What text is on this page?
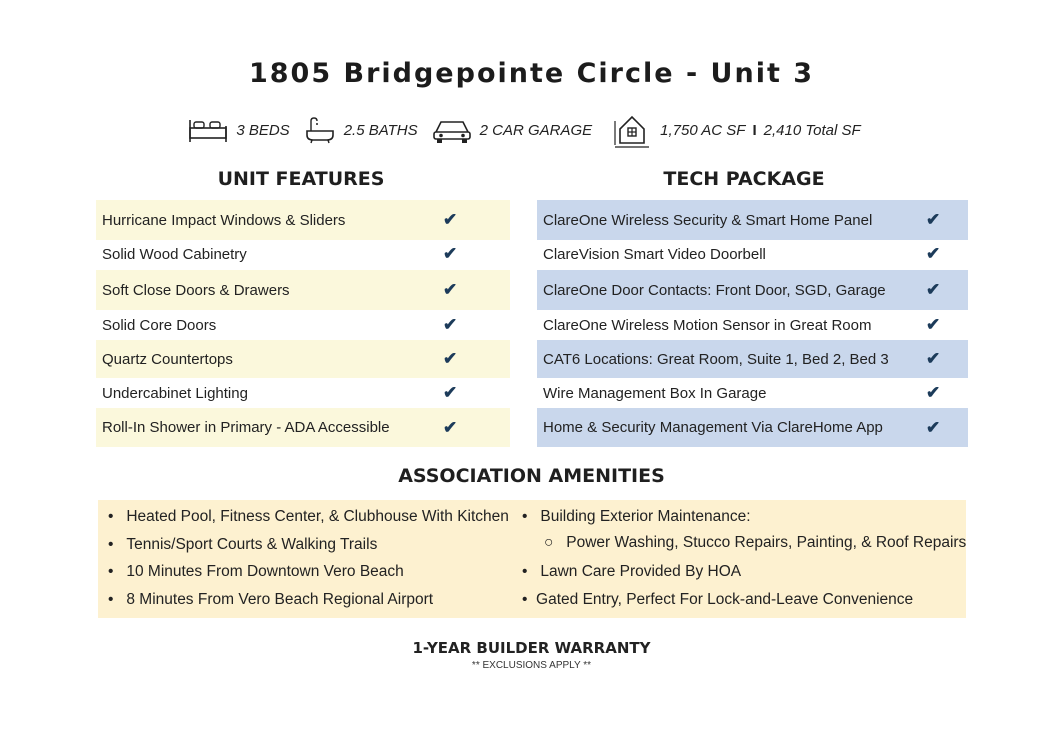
1805 Bridgepointe Circle - Unit 3
3 BEDS	2.5 BATHS	2 CAR GARAGE	1,750 AC SF I 2,410 Total SF
UNIT FEATURES	TECH PACKAGE
Hurricane Impact Windows & Sliders	✔
Solid Wood Cabinetry	✔
Soft Close Doors & Drawers	✔
Solid Core Doors	✔
Quartz Countertops	✔
Undercabinet Lighting	✔
Roll-In Shower in Primary - ADA Accessible	✔
ClareOne Wireless Security & Smart Home Panel	✔
ClareVision Smart Video Doorbell	✔
ClareOne Door Contacts: Front Door, SGD, Garage ✔
ClareOne Wireless Motion Sensor in Great Room	✔
CAT6 Locations: Great Room, Suite 1, Bed 2, Bed 3 ✔
Wire Management Box In Garage	✔
Home & Security Management Via ClareHome App	✔
ASSOCIATION AMENITIES
•   Heated Pool, Fitness Center, & Clubhouse With Kitchen
•   Tennis/Sport Courts & Walking Trails
•   10 Minutes From Downtown Vero Beach
•   8 Minutes From Vero Beach Regional Airport
•   Building Exterior Maintenance:
○   Power Washing, Stucco Repairs, Painting, & Roof Repairs
•   Lawn Care Provided By HOA
•  Gated Entry, Perfect For Lock-and-Leave Convenience
1-YEAR BUILDER WARRANTY
** EXCLUSIONS APPLY **
